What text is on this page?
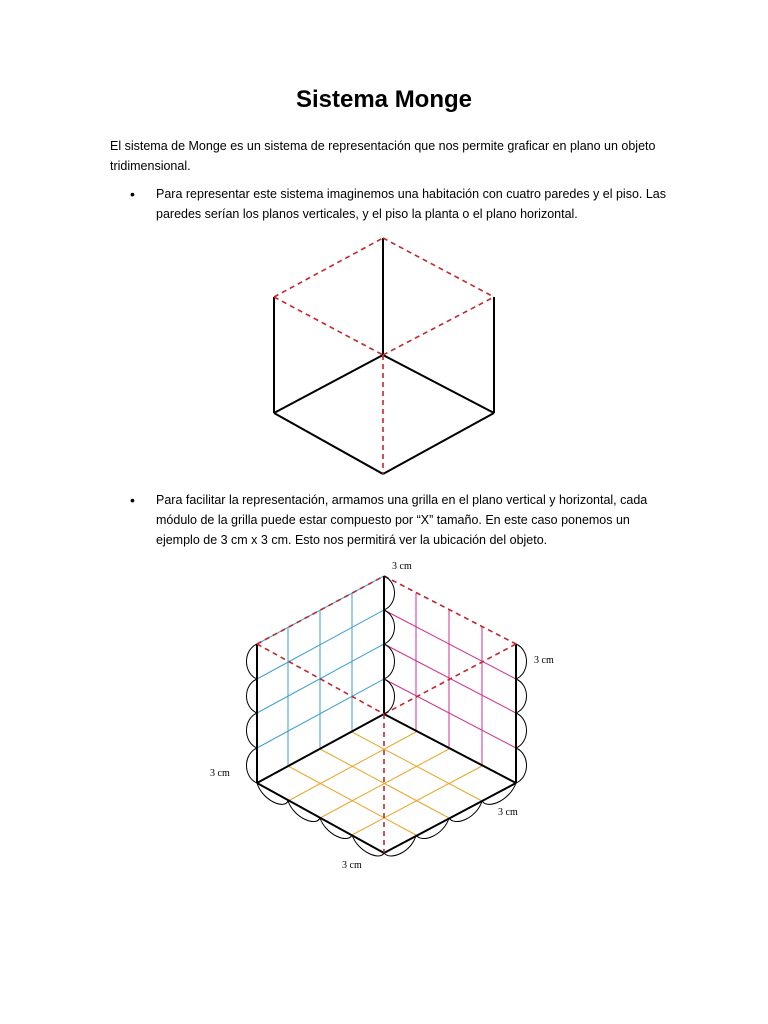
Sistema Monge
El sistema de Monge es un sistema de representación que nos permite graficar en plano un objeto tridimensional.
• Para representar este sistema imaginemos una habitación con cuatro paredes y el piso. Las paredes serían los planos verticales, y el piso la planta o el plano horizontal.
• Para facilitar la representación, armamos una grilla en el plano vertical y horizontal, cada módulo de la grilla puede estar compuesto por “X” tamaño. En este caso ponemos un ejemplo de 3 cm x 3 cm. Esto nos permitirá ver la ubicación del objeto.
3 cm
3 cm
3 cm
3 cm
3 cm
